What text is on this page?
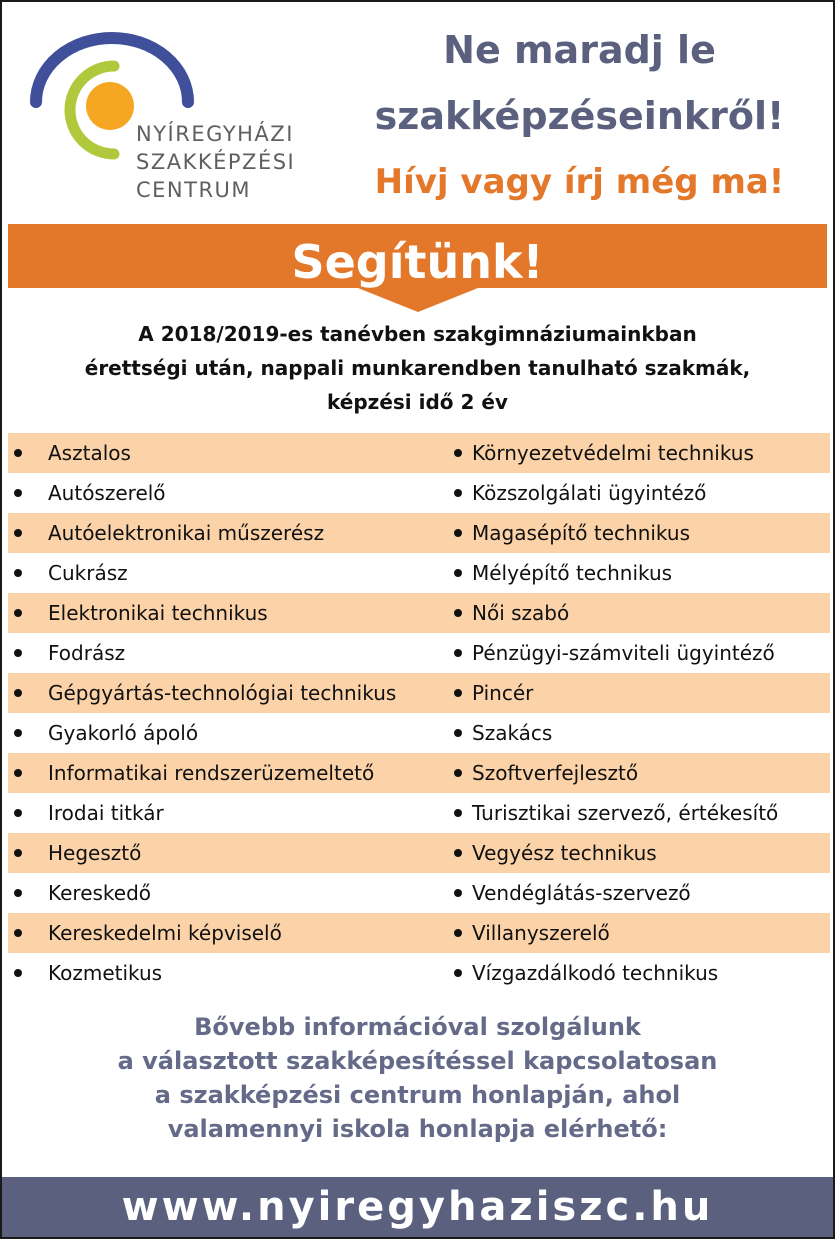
NYÍREGYHÁZI
SZAKKÉPZÉSI
CENTRUM
Ne maradj le
szakképzéseinkről!
Hívj vagy írj még ma!
Segítünk!
A 2018/2019-es tanévben szakgimnáziumainkban
érettségi után, nappali munkarendben tanulható szakmák,
képzési idő 2 év
Asztalos	Környezetvédelmi technikus
Autószerelő	Közszolgálati ügyintéző
Autóelektronikai műszerész	Magasépítő technikus
Cukrász	Mélyépítő technikus
Elektronikai technikus	Női szabó
Fodrász	Pénzügyi-számviteli ügyintéző
Gépgyártás-technológiai technikus	Pincér
Gyakorló ápoló	Szakács
Informatikai rendszerüzemeltető	Szoftverfejlesztő
Irodai titkár	Turisztikai szervező, értékesítő
Hegesztő	Vegyész technikus
Kereskedő	Vendéglátás-szervező
Kereskedelmi képviselő	Villanyszerelő
Kozmetikus	Vízgazdálkodó technikus
Bővebb információval szolgálunk
a választott szakképesítéssel kapcsolatosan
a szakképzési centrum honlapján, ahol
valamennyi iskola honlapja elérhető:
www.nyiregyhaziszc.hu
